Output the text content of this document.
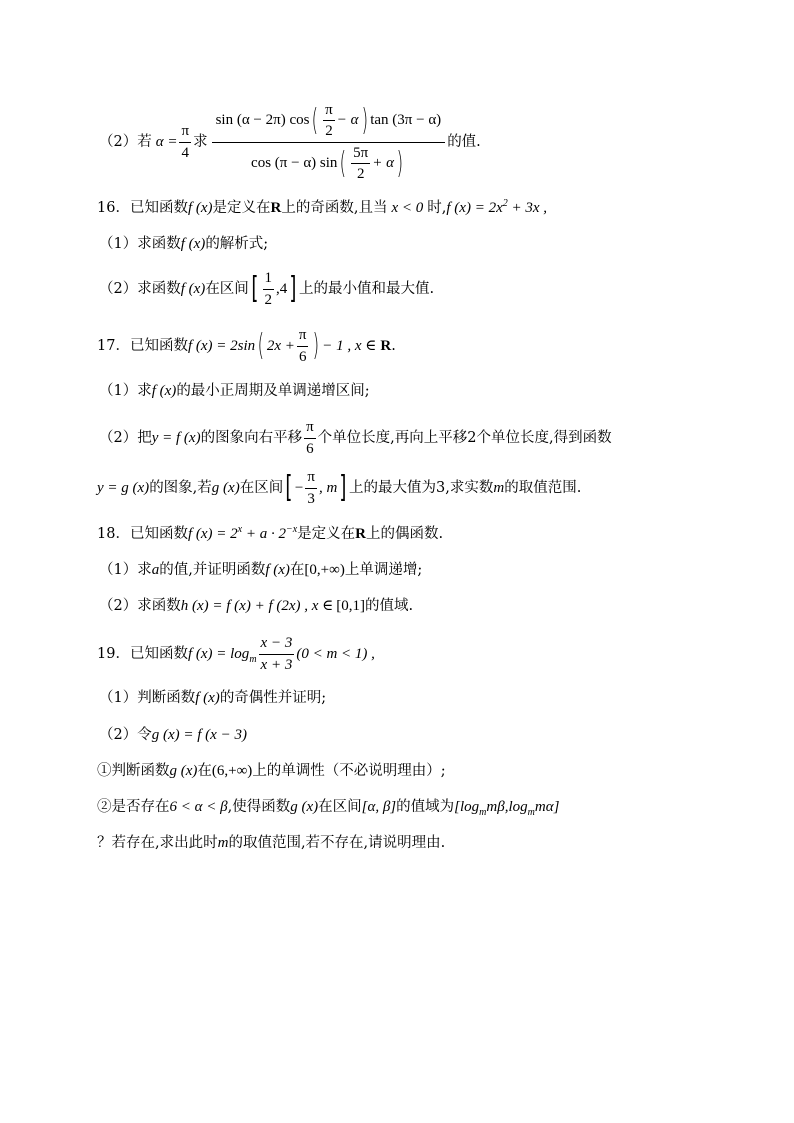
（2）若 $\alpha = \frac{\pi}{4}$ 求
sin (α − 2π) cos ( $\frac{\pi}{2} - \alpha$ ) tan (3π − α)
cos (π − α) sin ( $\frac{5\pi}{2} + \alpha$ )
的值.
16．已知函数 f (x) 是定义在 R 上的奇函数,且当 x < 0 时, f $(x) = 2x^2 + 3x$ ,
（1）求函数 f (x) 的解析式;
（2）求函数 f (x) 在区间 [ $\frac{1}{2} ,4$ ] 上的最小值和最大值.
17．已知函数 f (x) = 2sin ( $2x + \frac{\pi}{6}$ ) − 1 , x ∈ R .
（1）求 f (x) 的最小正周期及单调递增区间;
（2）把 y = f (x) 的图象向右平移 $\frac{\pi}{6}$ 个单位长度,再向上平移2个单位长度,得到函数
y = g (x) 的图象,若 g (x) 在区间 [ − $\frac{\pi}{3}$ , m ] 上的最大值为3,求实数 m 的取值范围.
18．已知函数 f $(x) = 2^x + a \cdot 2^{-x}$ 是定义在 R 上的偶函数.
（1）求 a 的值,并证明函数 f (x) 在 [0,+∞) 上单调递增;
（2）求函数 h (x) = f (x) + f (2x) , x ∈ [0,1] 的值域.
19．已知函数 f $(x) = \log_m \frac{x - 3}{x + 3} (0 < m < 1)$ ,
（1）判断函数 f (x) 的奇偶性并证明;
（2）令 g (x) = f (x − 3)
①判断函数 g (x) 在 (6,+∞) 上的单调性（不必说明理由）;
②是否存在 6 < α < β ,使得函数 g (x) 在区间 [α, β] 的值域为 $[\log_mm\beta,\log_mm\alpha]$
？若存在,求出此时 m 的取值范围,若不存在,请说明理由.
